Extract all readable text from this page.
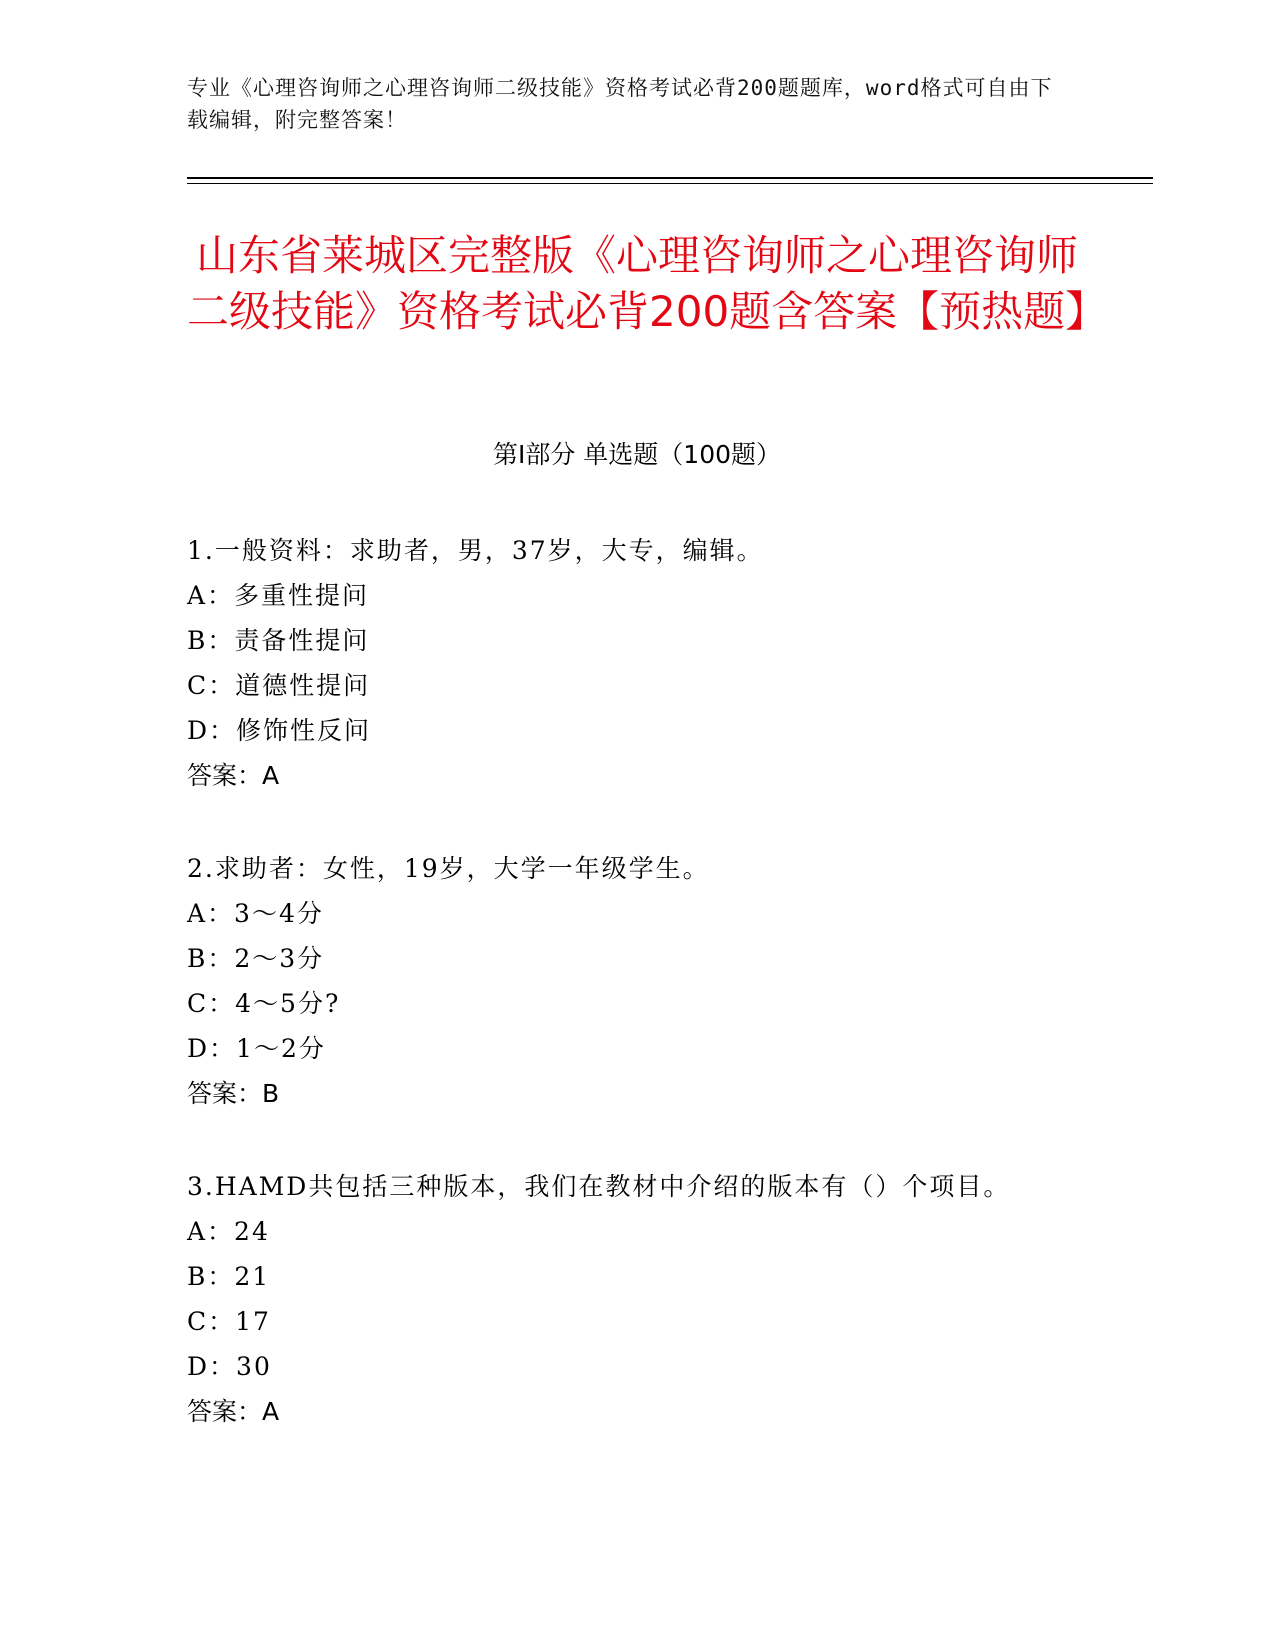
专业《心理咨询师之心理咨询师二级技能》资格考试必背200题题库，word格式可自由下载编辑，附完整答案！
山东省莱城区完整版《心理咨询师之心理咨询师二级技能》资格考试必背200题含答案【预热题】
第Ⅰ部分 单选题（100题）
1.一般资料：求助者，男，37岁，大专，编辑。
A：多重性提问
B：责备性提问
C：道德性提问
D：修饰性反问
答案：A
2.求助者：女性，19岁，大学一年级学生。
A：3～4分
B：2～3分
C：4～5分?
D：1～2分
答案：B
3.HAMD共包括三种版本，我们在教材中介绍的版本有（）个项目。
A：24
B：21
C：17
D：30
答案：A
